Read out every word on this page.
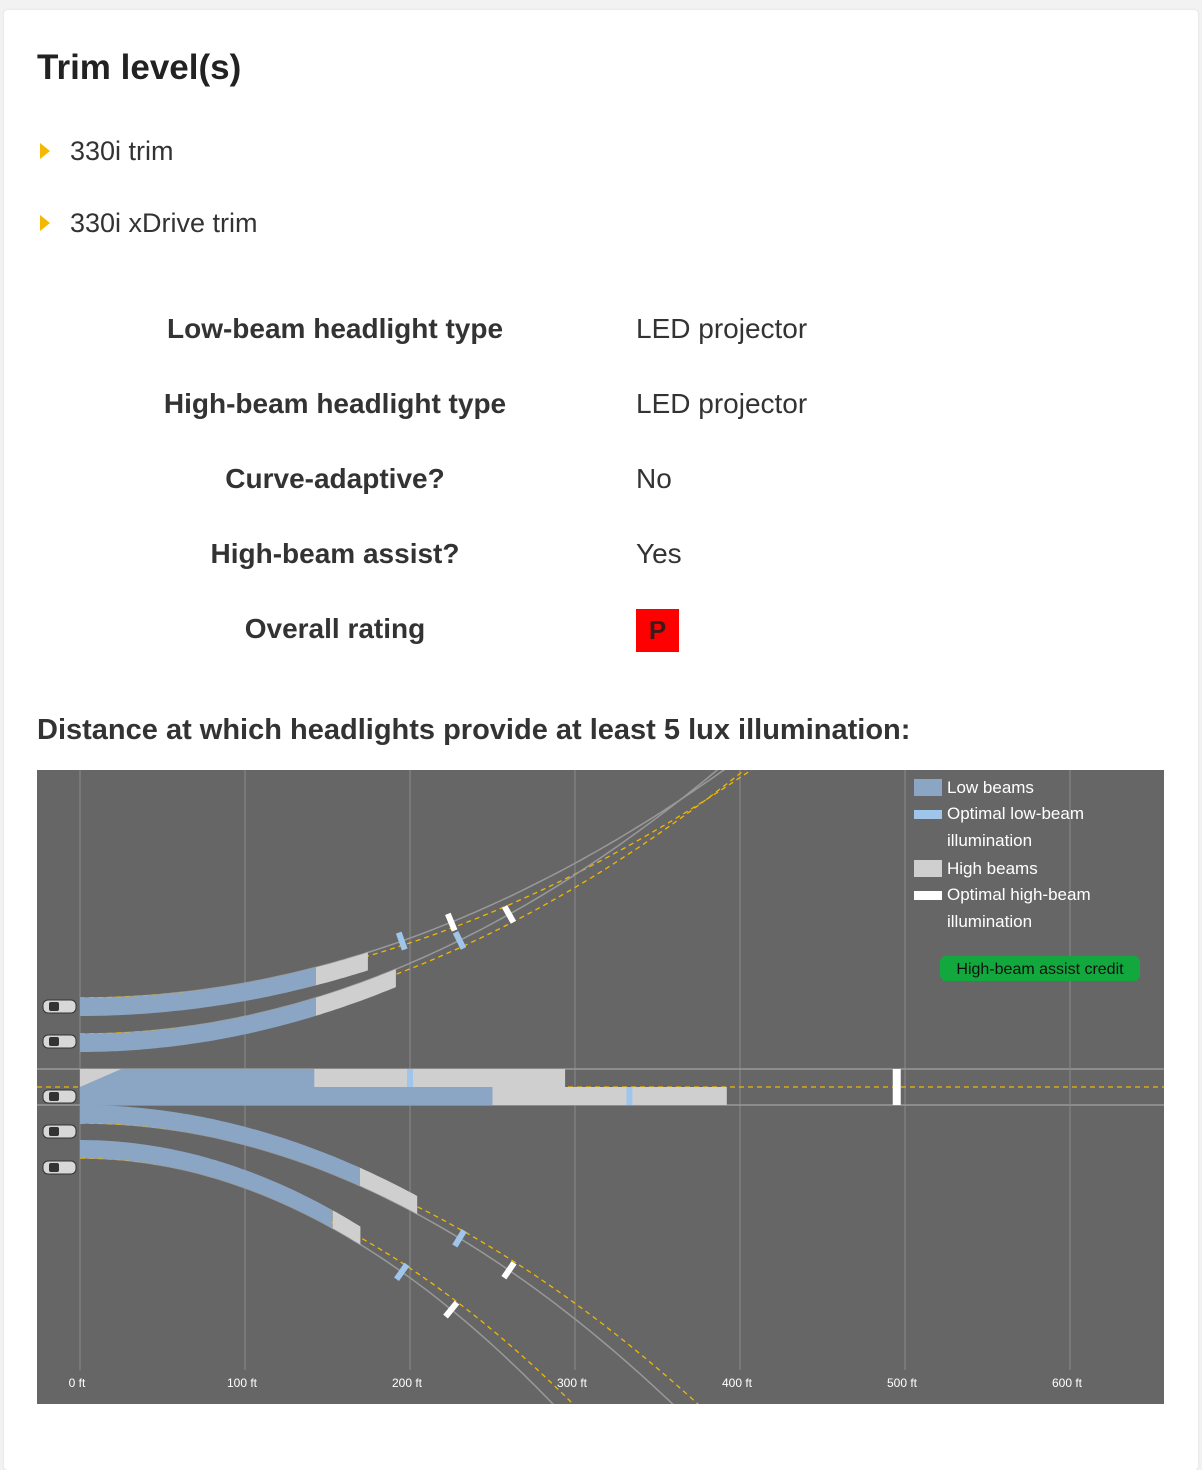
Trim level(s)
330i trim
330i xDrive trim
Low-beam headlight type	LED projector
High-beam headlight type	LED projector
Curve-adaptive?	No
High-beam assist?	Yes
Overall rating	P
Distance at which headlights provide at least 5 lux illumination:
0 ft	100 ft	200 ft	300 ft	400 ft	500 ft	600 ft
Low beams
Optimal low-beam
illumination
High beams
Optimal high-beam
illumination
High-beam assist credit
